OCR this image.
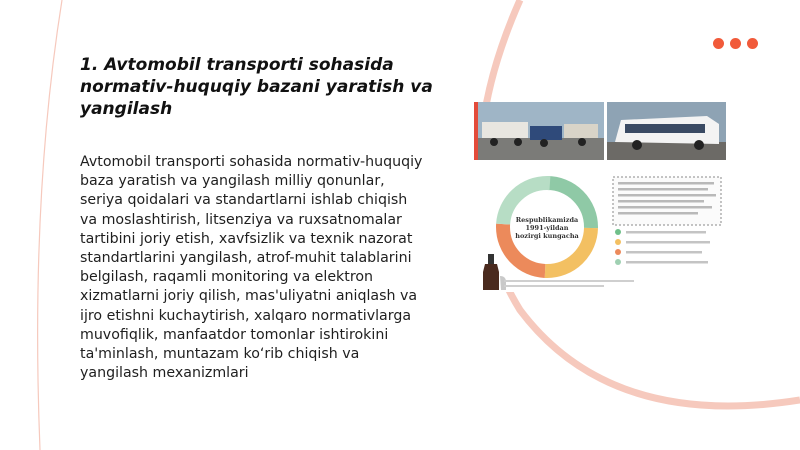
1. Avtomobil transporti sohasida normativ-huquqiy bazani yaratish va yangilash
Avtomobil transporti sohasida normativ-huquqiy baza yaratish va yangilash milliy qonunlar, seriya qoidalari va standartlarni ishlab chiqish va moslashtirish, litsenziya va ruxsatnomalar tartibini joriy etish, xavfsizlik va texnik nazorat standartlarini yangilash, atrof-muhit talablarini belgilash, raqamli monitoring va elektron xizmatlarni joriy qilish, mas'uliyatni aniqlash va ijro etishni kuchaytirish, xalqaro normativlarga muvofiqlik, manfaatdor tomonlar ishtirokini ta'minlash, muntazam ko‘rib chiqish va yangilash mexanizmlari
Respublikamizda
1991-yildan
hozirgi kungacha
